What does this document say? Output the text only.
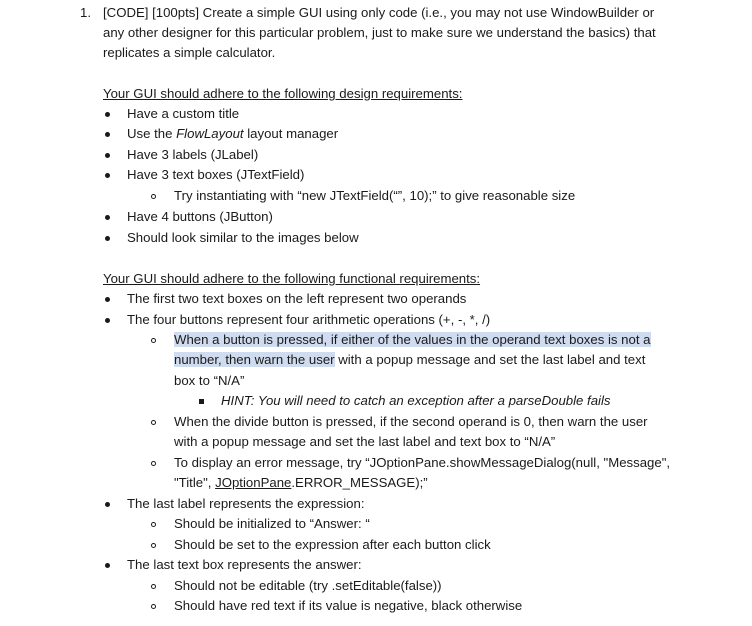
1. [CODE] [100pts] Create a simple GUI using only code (i.e., you may not use WindowBuilder or
any other designer for this particular problem, just to make sure we understand the basics) that
replicates a simple calculator.
Your GUI should adhere to the following design requirements:
Have a custom title
Use the FlowLayout layout manager
Have 3 labels (JLabel)
Have 3 text boxes (JTextField)
Try instantiating with “new JTextField(“”, 10);” to give reasonable size
Have 4 buttons (JButton)
Should look similar to the images below
Your GUI should adhere to the following functional requirements:
The first two text boxes on the left represent two operands
The four buttons represent four arithmetic operations (+, -, *, /)
When a button is pressed, if either of the values in the operand text boxes is not a
number, then warn the user with a popup message and set the last label and text
box to “N/A”
HINT: You will need to catch an exception after a parseDouble fails
When the divide button is pressed, if the second operand is 0, then warn the user
with a popup message and set the last label and text box to “N/A”
To display an error message, try “JOptionPane.showMessageDialog(null, "Message",
"Title", JOptionPane.ERROR_MESSAGE);”
The last label represents the expression:
Should be initialized to “Answer: “
Should be set to the expression after each button click
The last text box represents the answer:
Should not be editable (try .setEditable(false))
Should have red text if its value is negative, black otherwise
